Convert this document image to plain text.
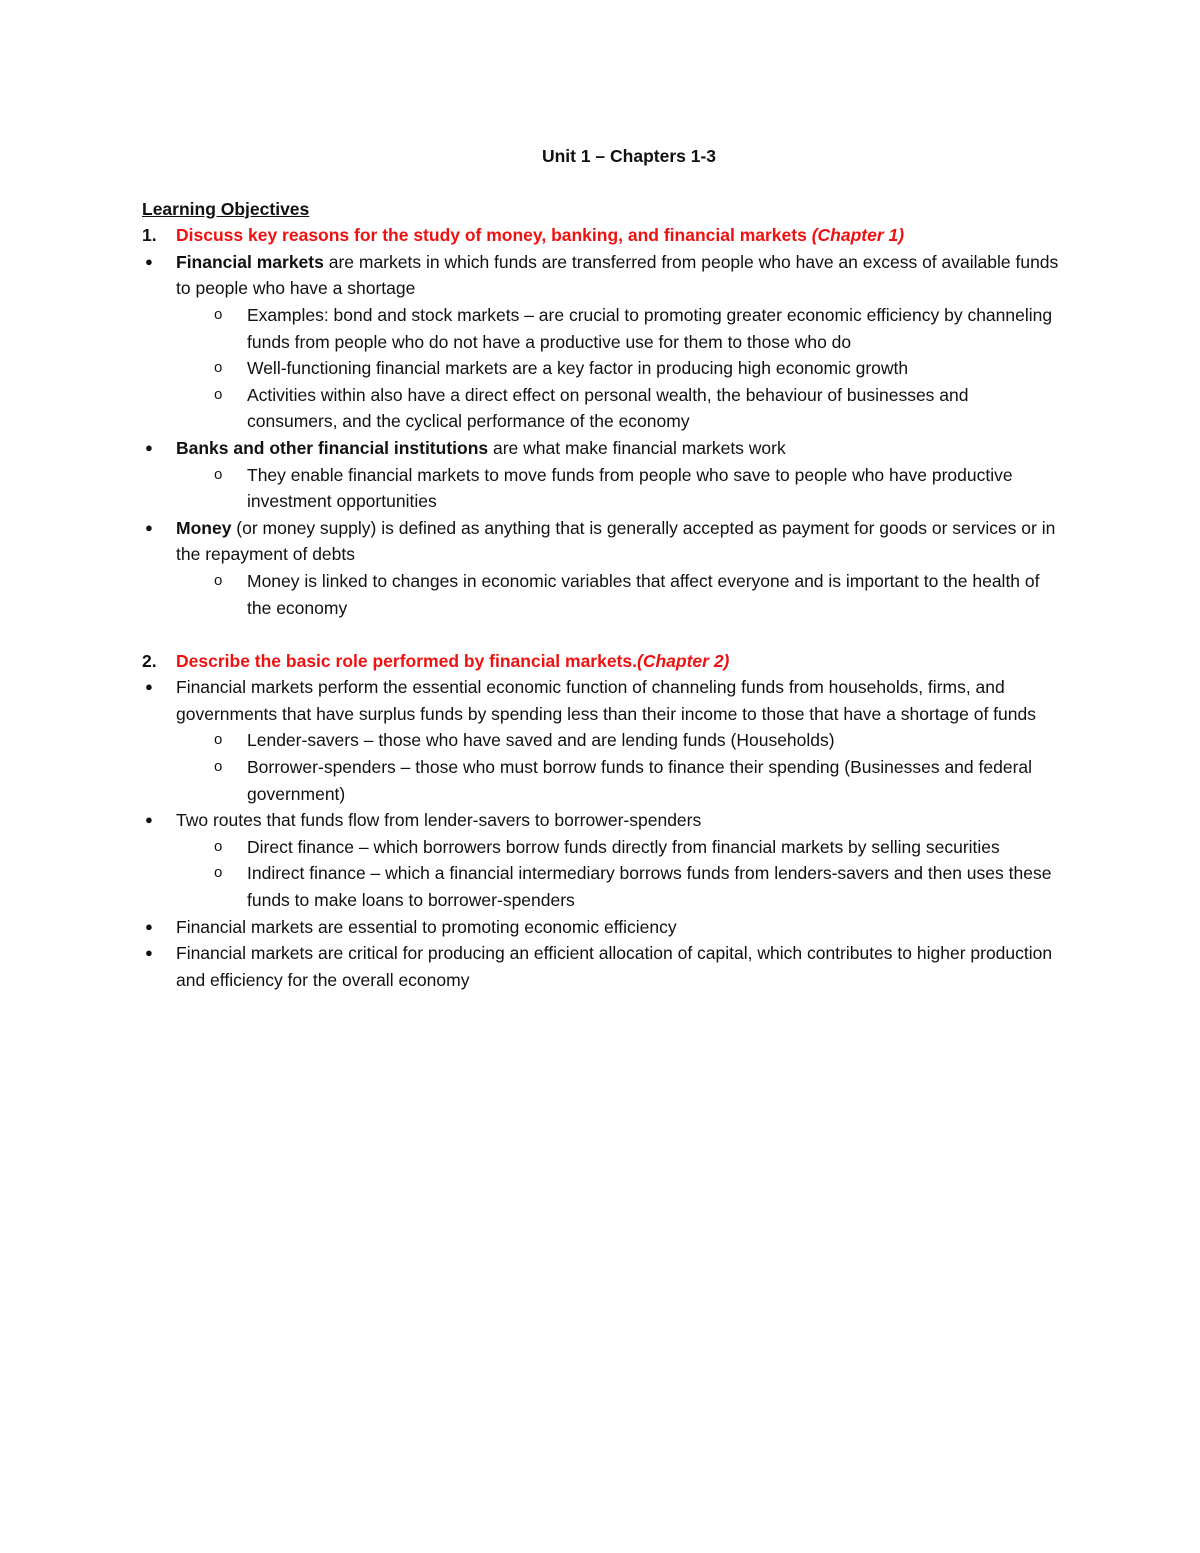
Unit 1 – Chapters 1-3
Learning Objectives
1. Discuss key reasons for the study of money, banking, and financial markets (Chapter 1)
● Financial markets are markets in which funds are transferred from people who have an excess of available funds to people who have a shortage
o Examples: bond and stock markets – are crucial to promoting greater economic efficiency by channeling funds from people who do not have a productive use for them to those who do
o Well-functioning financial markets are a key factor in producing high economic growth
o Activities within also have a direct effect on personal wealth, the behaviour of businesses and consumers, and the cyclical performance of the economy
● Banks and other financial institutions are what make financial markets work
o They enable financial markets to move funds from people who save to people who have productive investment opportunities
● Money (or money supply) is defined as anything that is generally accepted as payment for goods or services or in the repayment of debts
o Money is linked to changes in economic variables that affect everyone and is important to the health of the economy
2. Describe the basic role performed by financial markets.(Chapter 2)
● Financial markets perform the essential economic function of channeling funds from households, firms, and governments that have surplus funds by spending less than their income to those that have a shortage of funds
o Lender-savers – those who have saved and are lending funds (Households)
o Borrower-spenders – those who must borrow funds to finance their spending (Businesses and federal government)
● Two routes that funds flow from lender-savers to borrower-spenders
o Direct finance – which borrowers borrow funds directly from financial markets by selling securities
o Indirect finance – which a financial intermediary borrows funds from lenders-savers and then uses these funds to make loans to borrower-spenders
● Financial markets are essential to promoting economic efficiency
● Financial markets are critical for producing an efficient allocation of capital, which contributes to higher production and efficiency for the overall economy
